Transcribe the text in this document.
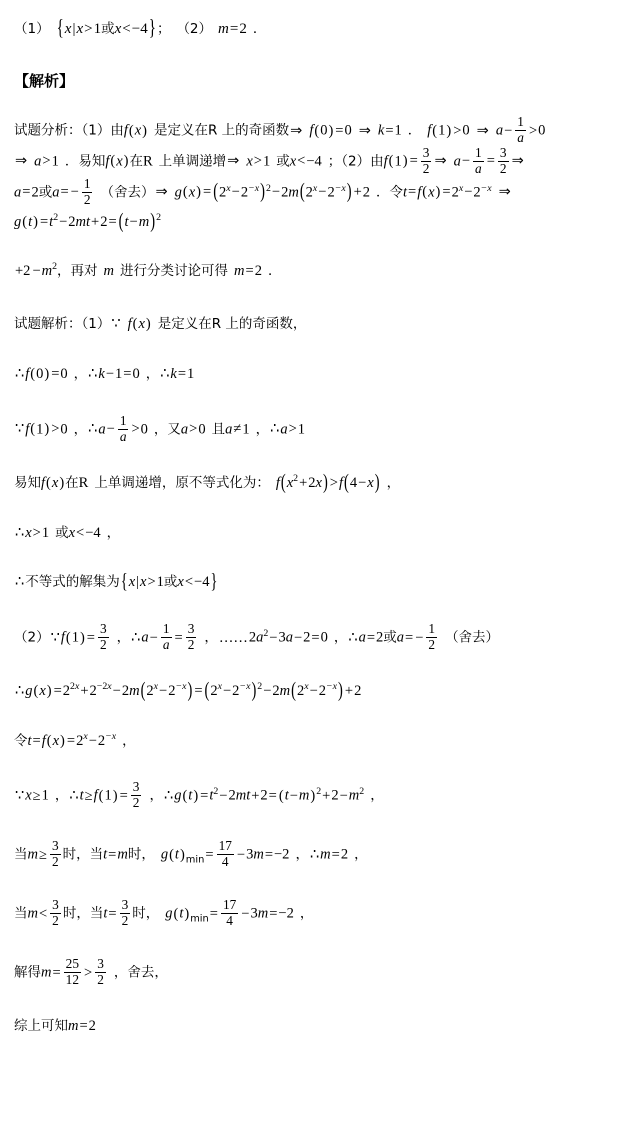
（1） {x|x>1或x<−4}； （2） m=2 ．
【解析】
试题分析：（1）由f(x) 是定义在R 上的奇函数⇒ f(0) =0 ⇒ k=1 ． f(1) >0 ⇒ $a- \frac{1}{a} >0$
⇒ a>1 ．易知f(x)在R 上单调递增⇒ x>1 或x<−4 ；（2）由$f(1) = \frac{3}{2}$ ⇒ $a- \frac{1}{a} = \frac{3}{2}$ ⇒
a=2或$a= - \frac{1}{2}$ （舍去）⇒ $g(x) = (2^x-2^{-x})^2-2m(2^x-2^{-x}) +2$ ．令$t=f(x) =2^x-2^{-x}$ ⇒
$g(t) =t^2-2mt+2= (t-m)^2$
$+2 -m^2$，再对 m 进行分类讨论可得 m=2 ．
试题解析：（1）∵ f(x) 是定义在R 上的奇函数，
∴f(0) =0 ，∴k−1=0 ，∴k=1
∵f(1) >0 ，∴a− $\frac{1}{a} >0$ ，又a>0 且a≠1 ，∴a>1
易知f(x)在R 上单调递增，原不等式化为： $f(x^2+2x) >f(4-x)$ ，
∴x>1 或x<−4 ，
∴不等式的解集为{x|x>1或x<−4}
（2）∵f(1) = $\frac{3}{2}$ ，∴a− $\frac{1}{a} = \frac{3}{2}$ ，$\dots\dots 2a^2-3a-2=0$ ，∴a=2或$a= - \frac{1}{2}$ （舍去）
∴g(x) $=2^{2x}+2^{-2x}-2m(2^x-2^{-x}) = (2^x-2^{-x})^2-2m(2^x-2^{-x}) +2$
令$t=f(x) =2^x-2^{-x}$ ，
∵x≥1 ，∴t≥f(1) = $\frac{3}{2}$ ，∴g(t) $=t^2-2mt+2= (t-m)^2+2-m^2$ ，
当$m\ge \frac{3}{2}$ 时，当t=m时， $g(t)_{min}= \frac{17}{4} -3m=-2$ ，∴m=2 ，
当$m< \frac{3}{2}$ 时，当$t= \frac{3}{2}$ 时， $g(t)_{min}= \frac{17}{4} -3m=-2$ ，
解得$m= \frac{25}{12} > \frac{3}{2}$ ，舍去，
综上可知m=2
